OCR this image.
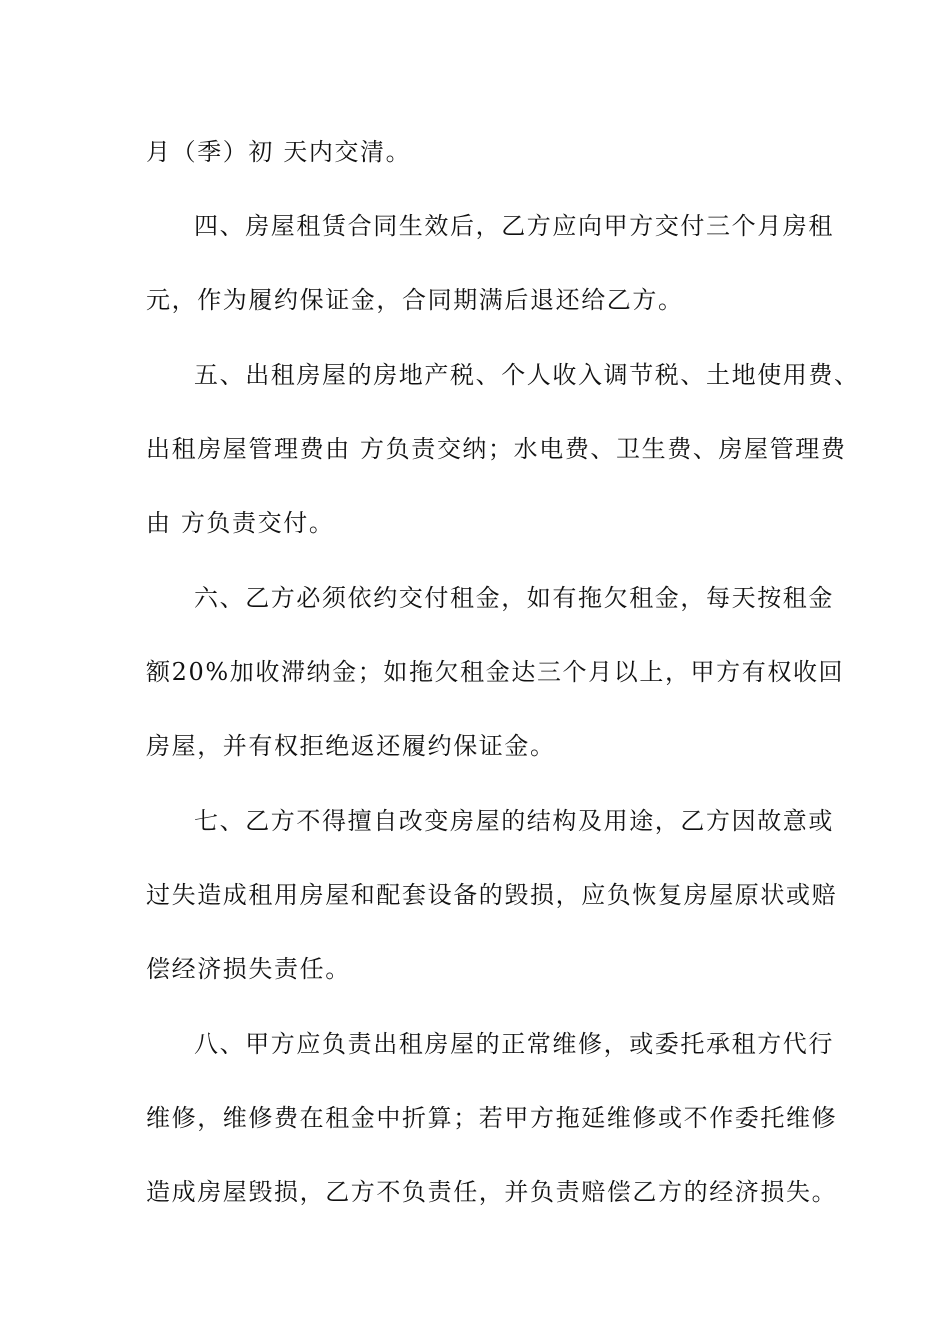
月（季）初 天内交清。
四、房屋租赁合同生效后，乙方应向甲方交付三个月房租
元，作为履约保证金，合同期满后退还给乙方。
五、出租房屋的房地产税、个人收入调节税、土地使用费、
出租房屋管理费由 方负责交纳；水电费、卫生费、房屋管理费
由 方负责交付。
六、乙方必须依约交付租金，如有拖欠租金，每天按租金
额20%加收滞纳金；如拖欠租金达三个月以上，甲方有权收回
房屋，并有权拒绝返还履约保证金。
七、乙方不得擅自改变房屋的结构及用途，乙方因故意或
过失造成租用房屋和配套设备的毁损，应负恢复房屋原状或赔
偿经济损失责任。
八、甲方应负责出租房屋的正常维修，或委托承租方代行
维修，维修费在租金中折算；若甲方拖延维修或不作委托维修
造成房屋毁损，乙方不负责任，并负责赔偿乙方的经济损失。
